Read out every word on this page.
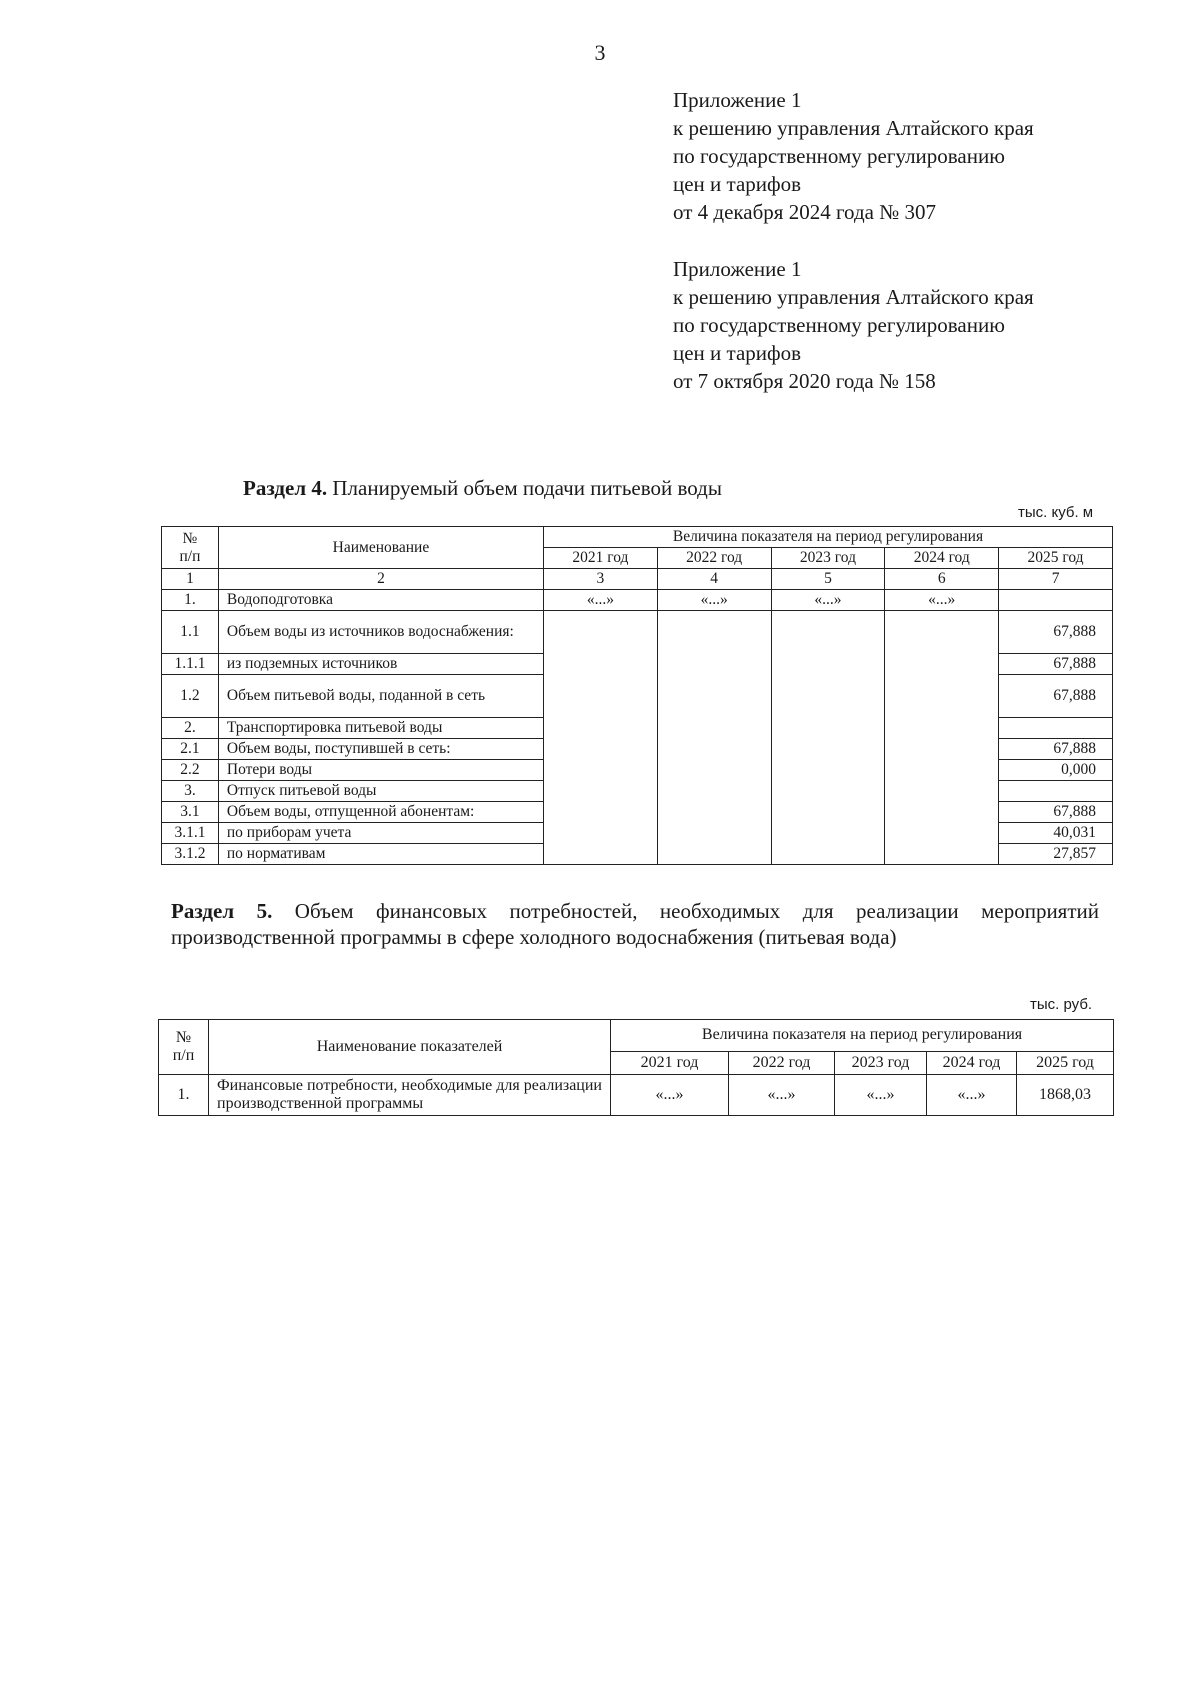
3
Приложение 1
к решению управления Алтайского края
по государственному регулированию
цен и тарифов
от 4 декабря 2024 года № 307
Приложение 1
к решению управления Алтайского края
по государственному регулированию
цен и тарифов
от 7 октября 2020 года № 158
Раздел 4. Планируемый объем подачи питьевой воды
тыс. куб. м
№
п/п	Наименование	Величина показателя на период регулирования				
		2021 год	2022 год	2023 год	2024 год	2025 год
1	2	3	4	5	6	7
1.	Водоподготовка	«...»	«...»	«...»	«...»	
1.1	Объем воды из источников водоснабжения:					67,888
1.1.1	из подземных источников					67,888
1.2	Объем питьевой воды, поданной в сеть					67,888
2.	Транспортировка питьевой воды					
2.1	Объем воды, поступившей в сеть:					67,888
2.2	Потери воды					0,000
3.	Отпуск питьевой воды					
3.1	Объем воды, отпущенной абонентам:					67,888
3.1.1	по приборам учета					40,031
3.1.2	по нормативам					27,857
Раздел 5. Объем финансовых потребностей, необходимых для реализации мероприятий производственной программы в сфере холодного водоснабжения (питьевая вода)
тыс. руб.
№
п/п	Наименование показателей	Величина показателя на период регулирования				
		2021 год	2022 год	2023 год	2024 год	2025 год
1.	Финансовые потребности, необходимые для реализации производственной программы	«...»	«...»	«...»	«...»	1868,03
